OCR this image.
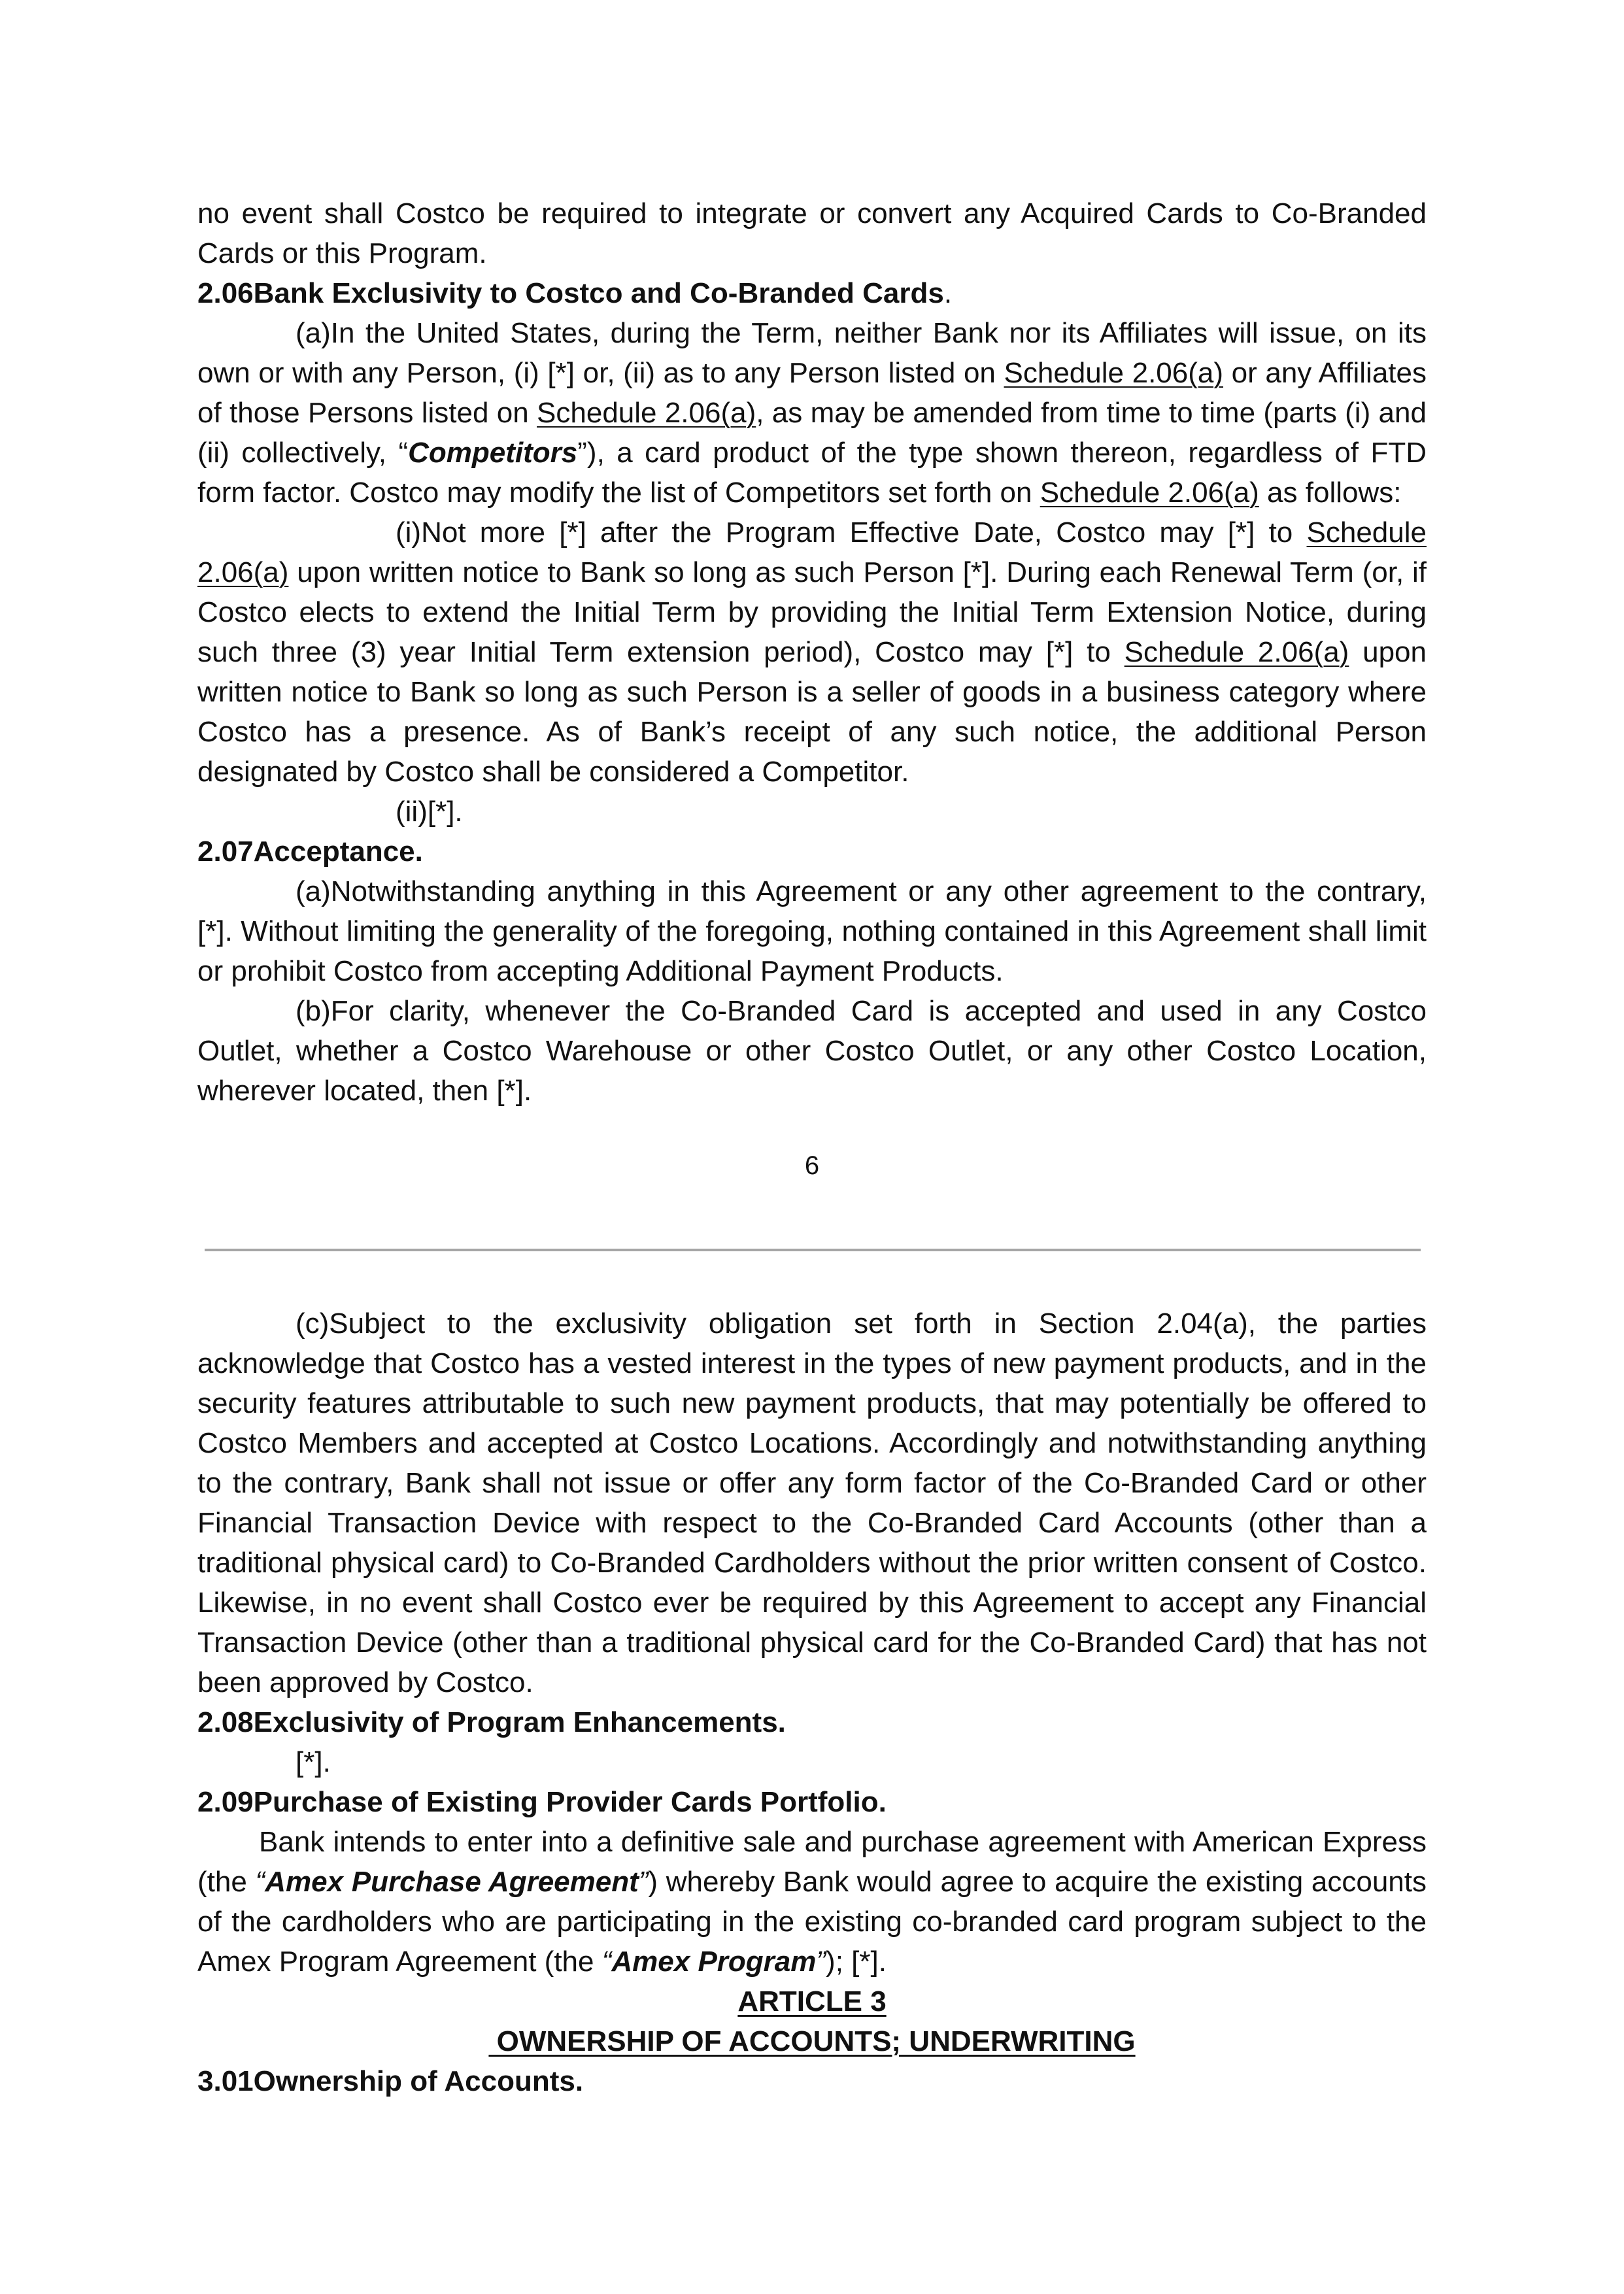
no event shall Costco be required to integrate or convert any Acquired Cards to Co-Branded Cards or this Program.

2.06Bank Exclusivity to Costco and Co-Branded Cards.

(a)In the United States, during the Term, neither Bank nor its Affiliates will issue, on its own or with any Person, (i) [*] or, (ii) as to any Person listed on Schedule 2.06(a) or any Affiliates of those Persons listed on Schedule 2.06(a), as may be amended from time to time (parts (i) and (ii) collectively, “Competitors”), a card product of the type shown thereon, regardless of FTD form factor. Costco may modify the list of Competitors set forth on Schedule 2.06(a) as follows:

(i)Not more [*] after the Program Effective Date, Costco may [*] to Schedule 2.06(a) upon written notice to Bank so long as such Person [*]. During each Renewal Term (or, if Costco elects to extend the Initial Term by providing the Initial Term Extension Notice, during such three (3) year Initial Term extension period), Costco may [*] to Schedule 2.06(a) upon written notice to Bank so long as such Person is a seller of goods in a business category where Costco has a presence. As of Bank’s receipt of any such notice, the additional Person designated by Costco shall be considered a Competitor.

(ii)[*].

2.07Acceptance.

(a)Notwithstanding anything in this Agreement or any other agreement to the contrary, [*]. Without limiting the generality of the foregoing, nothing contained in this Agreement shall limit or prohibit Costco from accepting Additional Payment Products.

(b)For clarity, whenever the Co-Branded Card is accepted and used in any Costco Outlet, whether a Costco Warehouse or other Costco Outlet, or any other Costco Location, wherever located, then [*].

6

(c)Subject to the exclusivity obligation set forth in Section 2.04(a), the parties acknowledge that Costco has a vested interest in the types of new payment products, and in the security features attributable to such new payment products, that may potentially be offered to Costco Members and accepted at Costco Locations. Accordingly and notwithstanding anything to the contrary, Bank shall not issue or offer any form factor of the Co-Branded Card or other Financial Transaction Device with respect to the Co-Branded Card Accounts (other than a traditional physical card) to Co-Branded Cardholders without the prior written consent of Costco. Likewise, in no event shall Costco ever be required by this Agreement to accept any Financial Transaction Device (other than a traditional physical card for the Co-Branded Card) that has not been approved by Costco.

2.08Exclusivity of Program Enhancements.

[*].

2.09Purchase of Existing Provider Cards Portfolio.

Bank intends to enter into a definitive sale and purchase agreement with American Express (the “Amex Purchase Agreement”) whereby Bank would agree to acquire the existing accounts of the cardholders who are participating in the existing co-branded card program subject to the Amex Program Agreement (the “Amex Program”); [*].

ARTICLE 3

OWNERSHIP OF ACCOUNTS; UNDERWRITING

3.01Ownership of Accounts.
